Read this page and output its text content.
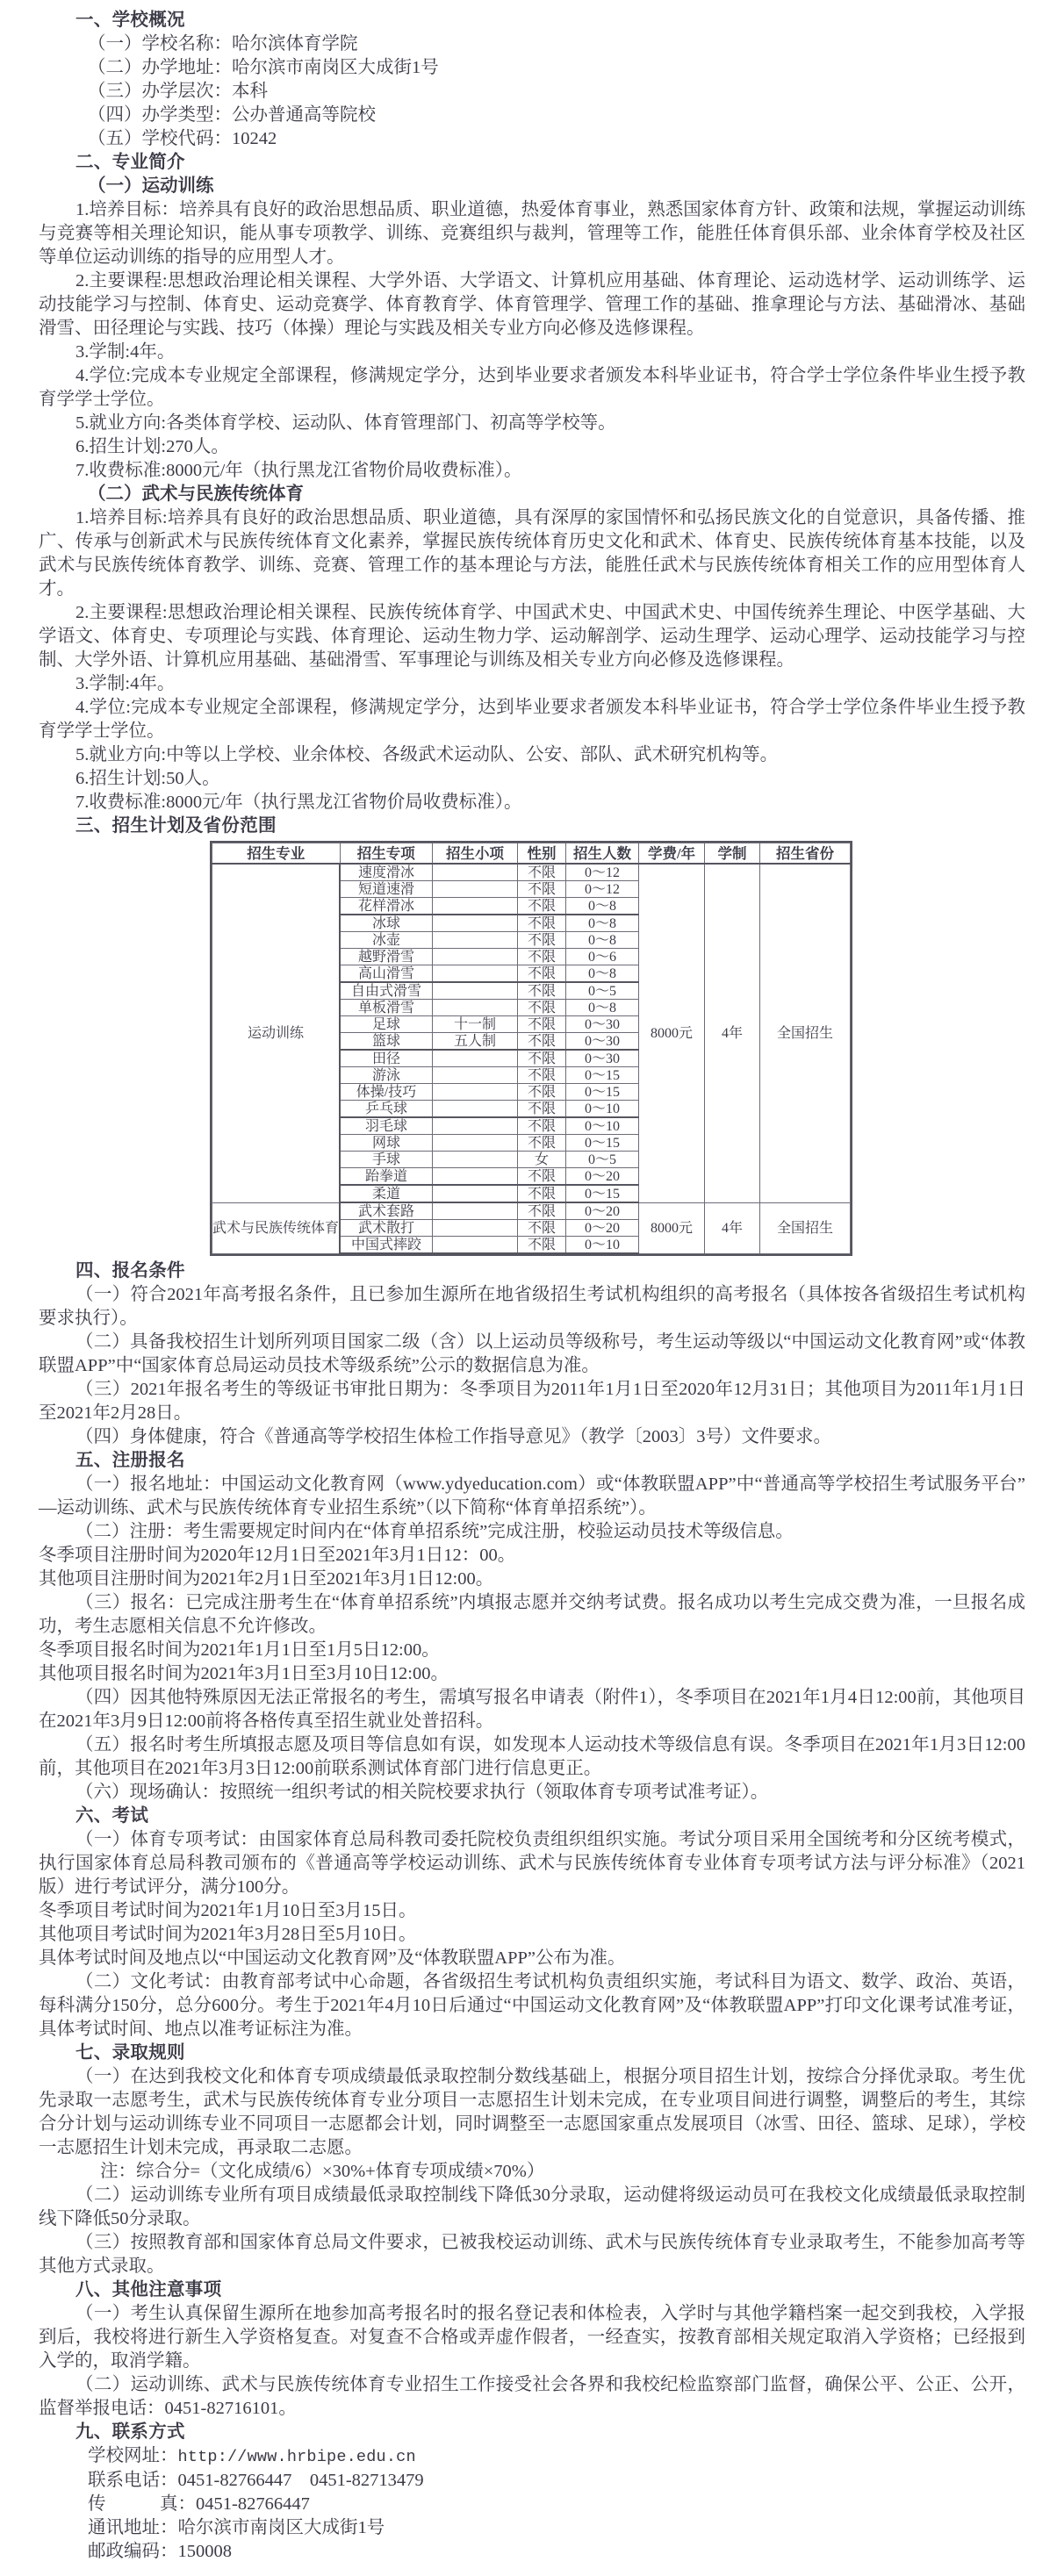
一、学校概况

（一）学校名称：哈尔滨体育学院

（二）办学地址：哈尔滨市南岗区大成街1号

（三）办学层次：本科

（四）办学类型：公办普通高等院校

（五）学校代码：10242

二、专业简介
（一）运动训练

1.培养目标：培养具有良好的政治思想品质、职业道德，热爱体育事业，熟悉国家体育方针、政策和法规，掌握运动训练与竞赛等相关理论知识，能从事专项教学、训练、竞赛组织与裁判，管理等工作，能胜任体育俱乐部、业余体育学校及社区等单位运动训练的指导的应用型人才。

2.主要课程:思想政治理论相关课程、大学外语、大学语文、计算机应用基础、体育理论、运动选材学、运动训练学、运动技能学习与控制、体育史、运动竞赛学、体育教育学、体育管理学、管理工作的基础、推拿理论与方法、基础滑冰、基础滑雪、田径理论与实践、技巧（体操）理论与实践及相关专业方向必修及选修课程。

3.学制:4年。

4.学位:完成本专业规定全部课程，修满规定学分，达到毕业要求者颁发本科毕业证书，符合学士学位条件毕业生授予教育学学士学位。

5.就业方向:各类体育学校、运动队、体育管理部门、初高等学校等。

6.招生计划:270人。

7.收费标准:8000元/年（执行黑龙江省物价局收费标准）。

（二）武术与民族传统体育

1.培养目标:培养具有良好的政治思想品质、职业道德，具有深厚的家国情怀和弘扬民族文化的自觉意识，具备传播、推广、传承与创新武术与民族传统体育文化素养，掌握民族传统体育历史文化和武术、体育史、民族传统体育基本技能，以及武术与民族传统体育教学、训练、竞赛、管理工作的基本理论与方法，能胜任武术与民族传统体育相关工作的应用型体育人才。

2.主要课程:思想政治理论相关课程、民族传统体育学、中国武术史、中国武术史、中国传统养生理论、中医学基础、大学语文、体育史、专项理论与实践、体育理论、运动生物力学、运动解剖学、运动生理学、运动心理学、运动技能学习与控制、大学外语、计算机应用基础、基础滑雪、军事理论与训练及相关专业方向必修及选修课程。

3.学制:4年。

4.学位:完成本专业规定全部课程，修满规定学分，达到毕业要求者颁发本科毕业证书，符合学士学位条件毕业生授予教育学学士学位。

5.就业方向:中等以上学校、业余体校、各级武术运动队、公安、部队、武术研究机构等。

6.招生计划:50人。

7.收费标准:8000元/年（执行黑龙江省物价局收费标准）。

三、招生计划及省份范围
招生专业	招生专项	招生小项	性别	招生人数	学费/年	学制	招生省份
运动训练	速度滑冰		不限	0～12	8000元	4年	全国招生
	短道速滑		不限	0～12			
	花样滑冰		不限	0～8			
	冰球		不限	0～8			
	冰壶		不限	0～8			
	越野滑雪		不限	0～6			
	高山滑雪		不限	0～8			
	自由式滑雪		不限	0～5			
	单板滑雪		不限	0～8			
	足球	十一制	不限	0～30			
	篮球	五人制	不限	0～30			
	田径		不限	0～30			
	游泳		不限	0～15			
	体操/技巧		不限	0～15			
	乒乓球		不限	0～10			
	羽毛球		不限	0～10			
	网球		不限	0～15			
	手球		女	0～5			
	跆拳道		不限	0～20			
	柔道		不限	0～15			
武术与民族传统体育	武术套路		不限	0～20	8000元	4年	全国招生
	武术散打		不限	0～20			
	中国式摔跤		不限	0～10			
四、报名条件

（一）符合2021年高考报名条件，且已参加生源所在地省级招生考试机构组织的高考报名（具体按各省级招生考试机构要求执行）。

（二）具备我校招生计划所列项目国家二级（含）以上运动员等级称号，考生运动等级以“中国运动文化教育网”或“体教联盟APP”中“国家体育总局运动员技术等级系统”公示的数据信息为准。

（三）2021年报名考生的等级证书审批日期为：冬季项目为2011年1月1日至2020年12月31日；其他项目为2011年1月1日至2021年2月28日。

（四）身体健康，符合《普通高等学校招生体检工作指导意见》（教学〔2003〕3号）文件要求。

五、注册报名

（一）报名地址：中国运动文化教育网（www.ydyeducation.com）或“体教联盟APP”中“普通高等学校招生考试服务平台”—运动训练、武术与民族传统体育专业招生系统”（以下简称“体育单招系统”）。

（二）注册：考生需要规定时间内在“体育单招系统”完成注册，校验运动员技术等级信息。

冬季项目注册时间为2020年12月1日至2021年3月1日12：00。

其他项目注册时间为2021年2月1日至2021年3月1日12:00。

（三）报名：已完成注册考生在“体育单招系统”内填报志愿并交纳考试费。报名成功以考生完成交费为准，一旦报名成功，考生志愿相关信息不允许修改。

冬季项目报名时间为2021年1月1日至1月5日12:00。

其他项目报名时间为2021年3月1日至3月10日12:00。

（四）因其他特殊原因无法正常报名的考生，需填写报名申请表（附件1），冬季项目在2021年1月4日12:00前，其他项目在2021年3月9日12:00前将各格传真至招生就业处普招科。

（五）报名时考生所填报志愿及项目等信息如有误，如发现本人运动技术等级信息有误。冬季项目在2021年1月3日12:00前，其他项目在2021年3月3日12:00前联系测试体育部门进行信息更正。

（六）现场确认：按照统一组织考试的相关院校要求执行（领取体育专项考试准考证）。

六、考试

（一）体育专项考试：由国家体育总局科教司委托院校负责组织组织实施。考试分项目采用全国统考和分区统考模式，执行国家体育总局科教司颁布的《普通高等学校运动训练、武术与民族传统体育专业体育专项考试方法与评分标准》（2021版）进行考试评分，满分100分。

冬季项目考试时间为2021年1月10日至3月15日。

其他项目考试时间为2021年3月28日至5月10日。

具体考试时间及地点以“中国运动文化教育网”及“体教联盟APP”公布为准。

（二）文化考试：由教育部考试中心命题，各省级招生考试机构负责组织实施，考试科目为语文、数学、政治、英语，每科满分150分，总分600分。考生于2021年4月10日后通过“中国运动文化教育网”及“体教联盟APP”打印文化课考试准考证，具体考试时间、地点以准考证标注为准。

七、录取规则

（一）在达到我校文化和体育专项成绩最低录取控制分数线基础上，根据分项目招生计划，按综合分择优录取。考生优先录取一志愿考生，武术与民族传统体育专业分项目一志愿招生计划未完成，在专业项目间进行调整，调整后的考生，其综合分计划与运动训练专业不同项目一志愿都会计划，同时调整至一志愿国家重点发展项目（冰雪、田径、篮球、足球），学校一志愿招生计划未完成，再录取二志愿。

注：综合分=（文化成绩/6）×30%+体育专项成绩×70%）

（二）运动训练专业所有项目成绩最低录取控制线下降低30分录取，运动健将级运动员可在我校文化成绩最低录取控制线下降低50分录取。

（三）按照教育部和国家体育总局文件要求，已被我校运动训练、武术与民族传统体育专业录取考生，不能参加高考等其他方式录取。

八、其他注意事项

（一）考生认真保留生源所在地参加高考报名时的报名登记表和体检表，入学时与其他学籍档案一起交到我校，入学报到后，我校将进行新生入学资格复查。对复查不合格或弄虚作假者，一经查实，按教育部相关规定取消入学资格；已经报到入学的，取消学籍。

（二）运动训练、武术与民族传统体育专业招生工作接受社会各界和我校纪检监察部门监督，确保公平、公正、公开，监督举报电话：0451-82716101。

九、联系方式

学校网址：http://www.hrbipe.edu.cn

联系电话：0451-82766447    0451-82713479

传　　　真：0451-82766447

通讯地址：哈尔滨市南岗区大成街1号

邮政编码：150008
